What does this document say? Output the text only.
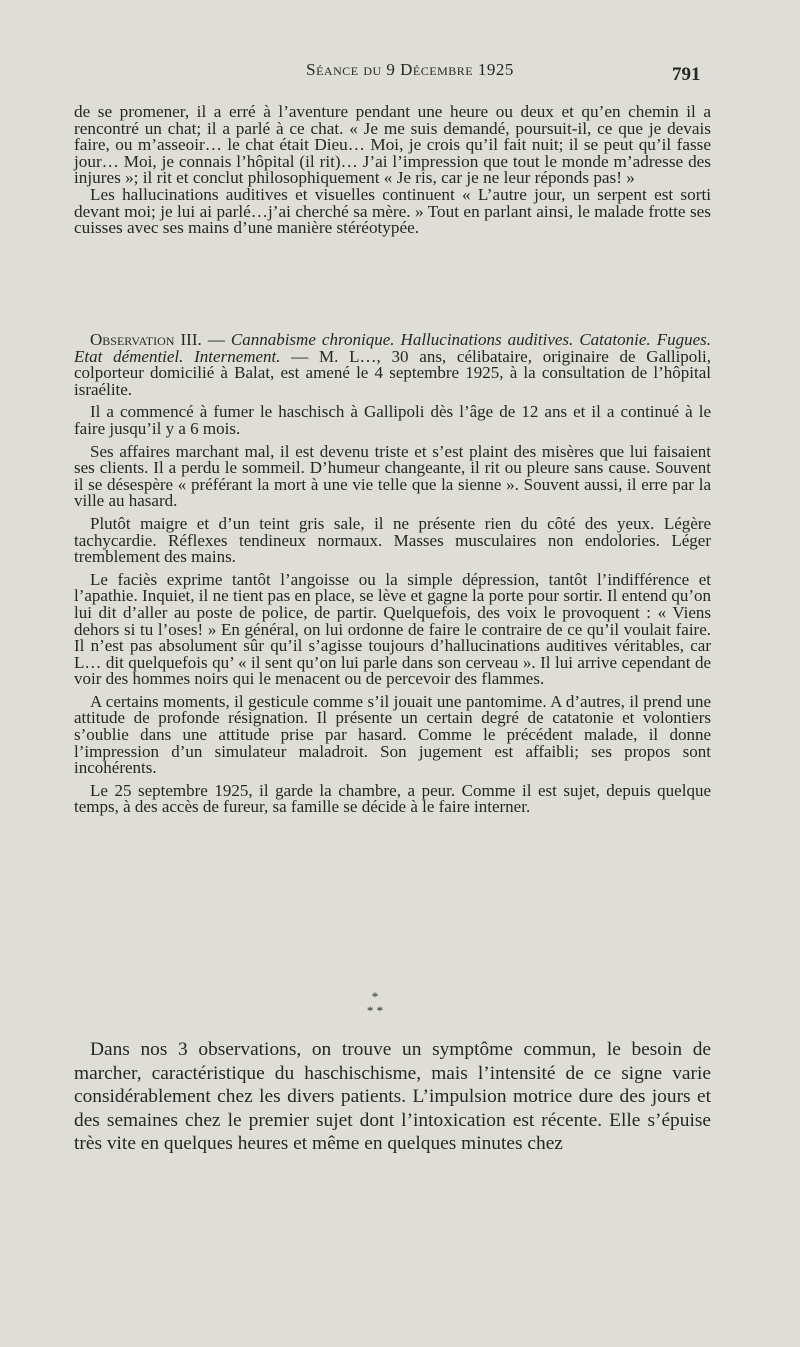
Séance du 9 Décembre 1925	791

de se promener, il a erré à l’aventure pendant une heure ou deux et qu’en chemin il a rencontré un chat; il a parlé à ce chat. « Je me suis demandé, poursuit-il, ce que je devais faire, ou m’asseoir… le chat était Dieu… Moi, je crois qu’il fait nuit; il se peut qu’il fasse jour… Moi, je connais l’hôpital (il rit)… J’ai l’impression que tout le monde m’adresse des injures »; il rit et conclut philosophiquement « Je ris, car je ne leur réponds pas! »

Les hallucinations auditives et visuelles continuent « L’autre jour, un serpent est sorti devant moi; je lui ai parlé…j’ai cherché sa mère. » Tout en parlant ainsi, le malade frotte ses cuisses avec ses mains d’une manière stéréotypée.

Observation III. — Cannabisme chronique. Hallucinations auditives. Catatonie. Fugues. Etat démentiel. Internement. — M. L…, 30 ans, célibataire, originaire de Gallipoli, colporteur domicilié à Balat, est amené le 4 septembre 1925, à la consultation de l’hôpital israélite.

Il a commencé à fumer le haschisch à Gallipoli dès l’âge de 12 ans et il a continué à le faire jusqu’il y a 6 mois.

Ses affaires marchant mal, il est devenu triste et s’est plaint des misères que lui faisaient ses clients. Il a perdu le sommeil. D’humeur changeante, il rit ou pleure sans cause. Souvent il se désespère « préférant la mort à une vie telle que la sienne ». Souvent aussi, il erre par la ville au hasard.

Plutôt maigre et d’un teint gris sale, il ne présente rien du côté des yeux. Légère tachycardie. Réflexes tendineux normaux. Masses musculaires non endolories. Léger tremblement des mains.

Le faciès exprime tantôt l’angoisse ou la simple dépression, tantôt l’indifférence et l’apathie. Inquiet, il ne tient pas en place, se lève et gagne la porte pour sortir. Il entend qu’on lui dit d’aller au poste de police, de partir. Quelquefois, des voix le provoquent : « Viens dehors si tu l’oses! » En général, on lui ordonne de faire le contraire de ce qu’il voulait faire. Il n’est pas absolument sûr qu’il s’agisse toujours d’hallucinations auditives véritables, car L… dit quelquefois qu’ « il sent qu’on lui parle dans son cerveau ». Il lui arrive cependant de voir des hommes noirs qui le menacent ou de percevoir des flammes.

A certains moments, il gesticule comme s’il jouait une pantomime. A d’autres, il prend une attitude de profonde résignation. Il présente un certain degré de catatonie et volontiers s’oublie dans une attitude prise par hasard. Comme le précédent malade, il donne l’impression d’un simulateur maladroit. Son jugement est affaibli; ses propos sont incohérents.

Le 25 septembre 1925, il garde la chambre, a peur. Comme il est sujet, depuis quelque temps, à des accès de fureur, sa famille se décide à le faire interner.

*
* *

Dans nos 3 observations, on trouve un symptôme commun, le besoin de marcher, caractéristique du haschischisme, mais l’intensité de ce signe varie considérablement chez les divers patients. L’impulsion motrice dure des jours et des semaines chez le premier sujet dont l’intoxication est récente. Elle s’épuise très vite en quelques heures et même en quelques minutes chez
